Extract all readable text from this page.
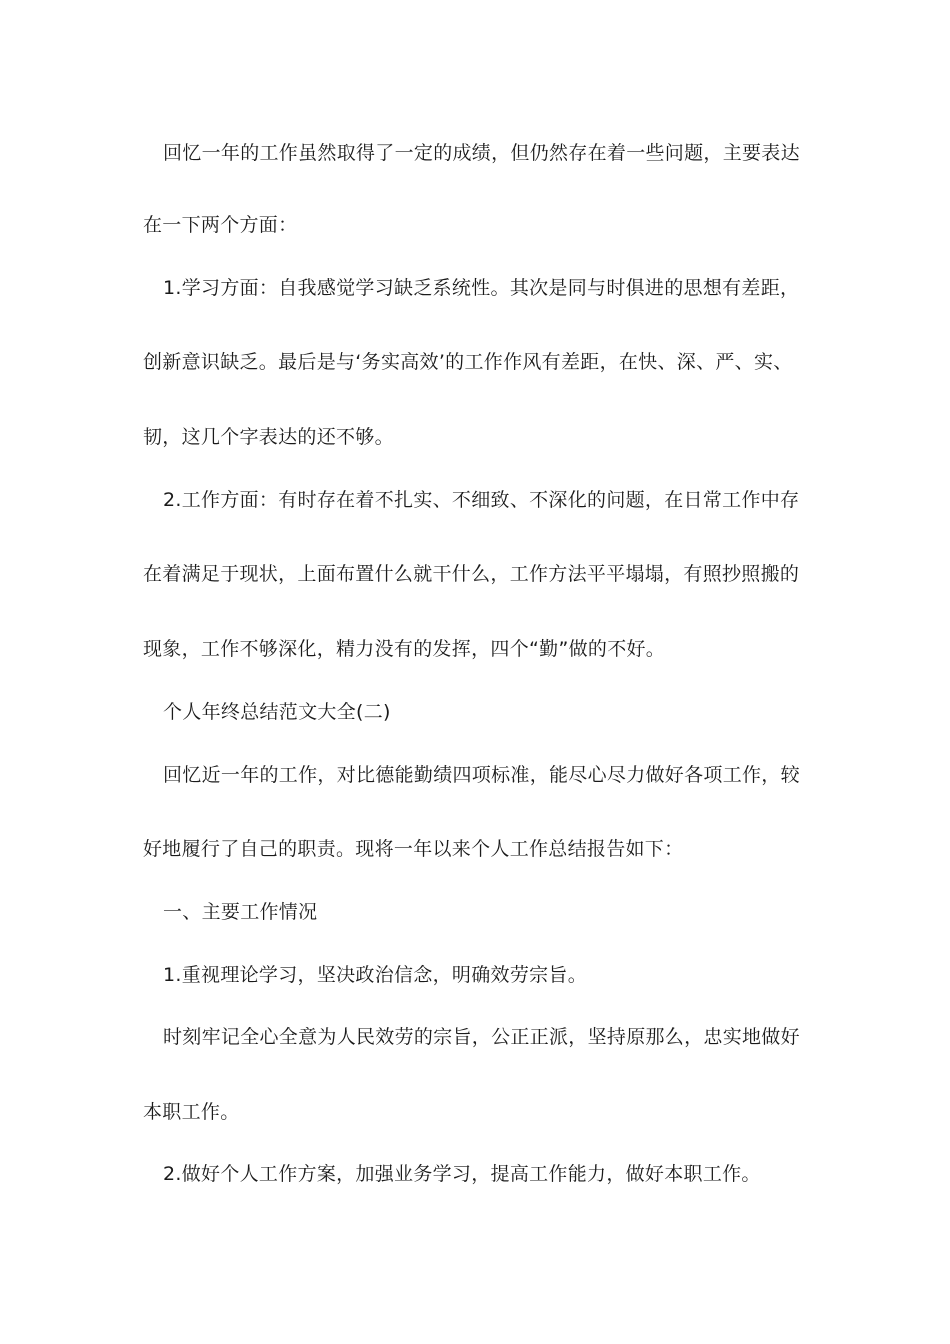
回忆一年的工作虽然取得了一定的成绩，但仍然存在着一些问题，主要表达
在一下两个方面：
1.学习方面：自我感觉学习缺乏系统性。其次是同与时俱进的思想有差距，
创新意识缺乏。最后是与‘务实高效’的工作作风有差距，在快、深、严、实、
韧，这几个字表达的还不够。
2.工作方面：有时存在着不扎实、不细致、不深化的问题，在日常工作中存
在着满足于现状，上面布置什么就干什么，工作方法平平塌塌，有照抄照搬的
现象，工作不够深化，精力没有的发挥，四个“勤”做的不好。
个人年终总结范文大全(二)
回忆近一年的工作，对比德能勤绩四项标准，能尽心尽力做好各项工作，较
好地履行了自己的职责。现将一年以来个人工作总结报告如下：
一、主要工作情况
1.重视理论学习，坚决政治信念，明确效劳宗旨。
时刻牢记全心全意为人民效劳的宗旨，公正正派，坚持原那么，忠实地做好
本职工作。
2.做好个人工作方案，加强业务学习，提高工作能力，做好本职工作。
